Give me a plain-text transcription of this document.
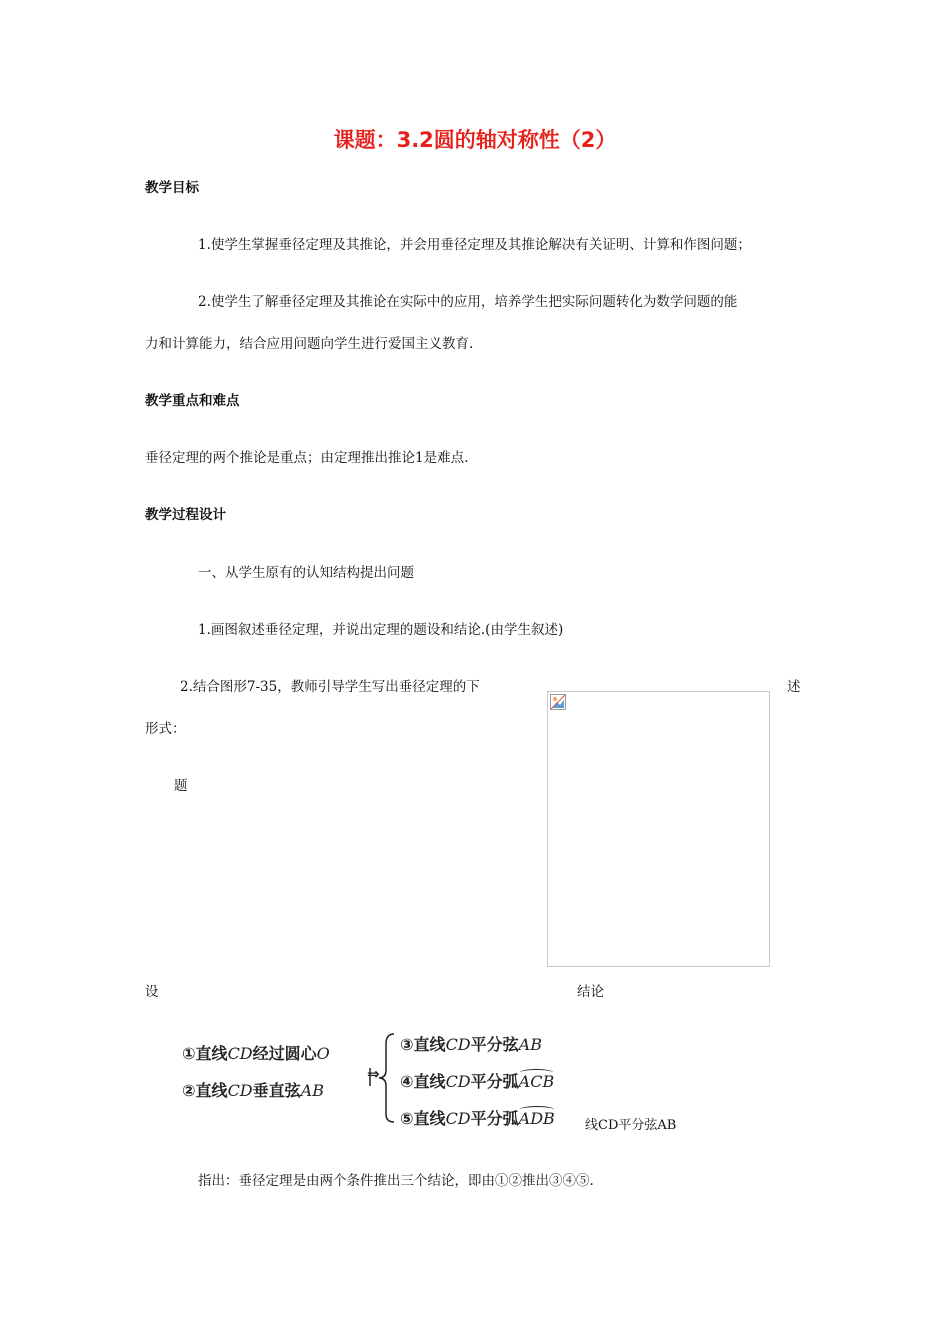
课题：3.2圆的轴对称性（2）
教学目标
1.使学生掌握垂径定理及其推论，并会用垂径定理及其推论解决有关证明、计算和作图问题；
2.使学生了解垂径定理及其推论在实际中的应用，培养学生把实际问题转化为数学问题的能
力和计算能力，结合应用问题向学生进行爱国主义教育.
教学重点和难点
垂径定理的两个推论是重点；由定理推出推论1是难点.
教学过程设计
一、从学生原有的认知结构提出问题
1.画图叙述垂径定理，并说出定理的题设和结论.(由学生叙述)
2.结合图形7-35，教师引导学生写出垂径定理的下	述
形式：
题
设	结论
①直线CD经过圆心O
②直线CD垂直弦AB
⇒
③直线CD平分弦AB
④直线CD平分弧ACB
⑤直线CD平分弧ADB 线CD平分弦AB
指出：垂径定理是由两个条件推出三个结论，即由①②推出③④⑤.
